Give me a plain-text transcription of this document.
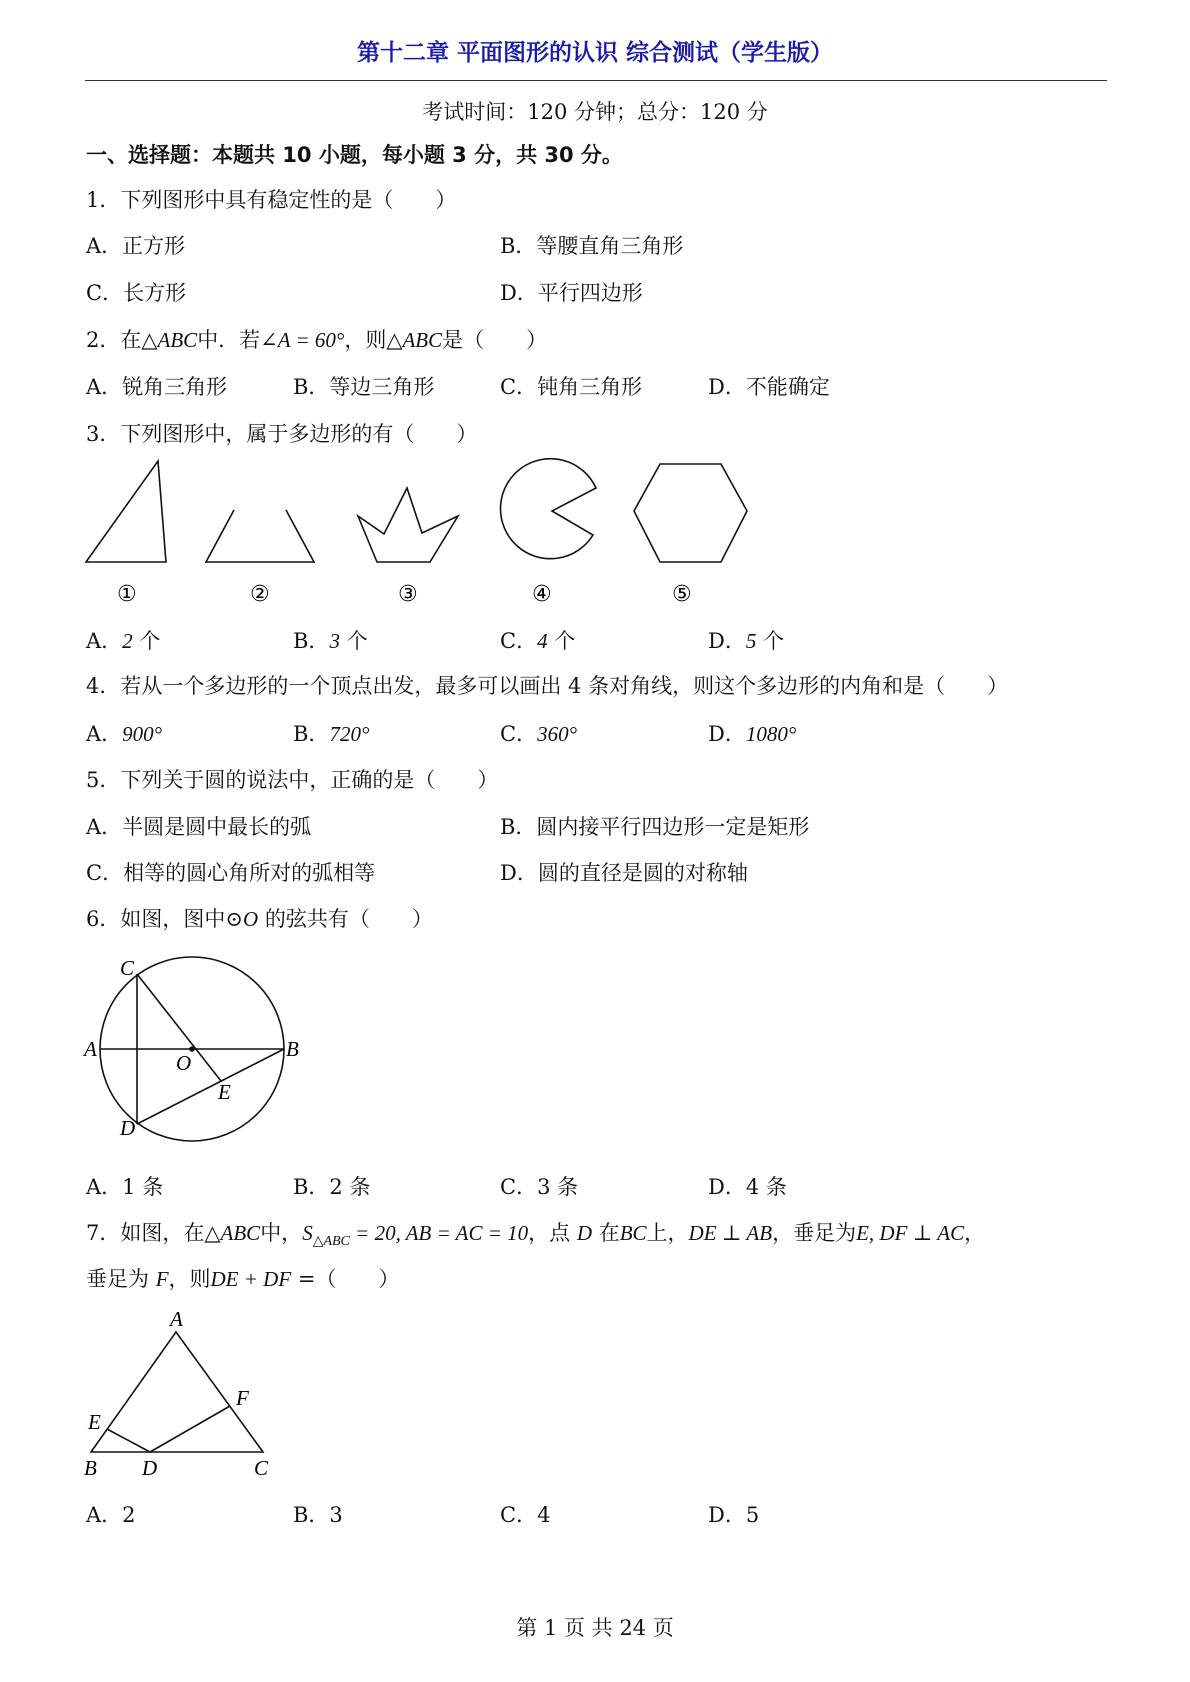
第十二章 平面图形的认识 综合测试（学生版）
考试时间：120 分钟；总分：120 分
一、选择题：本题共 10 小题，每小题 3 分，共 30 分。
1．下列图形中具有稳定性的是（　　）
A．正方形	B．等腰直角三角形
C．长方形	D．平行四边形
2．在△ABC中．若∠A = 60°，则△ABC是（　　）
A．锐角三角形	B．等边三角形	C．钝角三角形	D．不能确定
3．下列图形中，属于多边形的有（　　）
①	②	③	④	⑤
A．2 个	B．3 个	C．4 个	D．5 个
4．若从一个多边形的一个顶点出发，最多可以画出 4 条对角线，则这个多边形的内角和是（　　）
A．900°	B．720°	C．360°	D．1080°
5．下列关于圆的说法中，正确的是（　　）
A．半圆是圆中最长的弧	B．圆内接平行四边形一定是矩形
C．相等的圆心角所对的弧相等	D．圆的直径是圆的对称轴
6．如图，图中⊙O 的弦共有（　　）
C
A
O
B
E
D
A．1 条	B．2 条	C．3 条	D．4 条
7．如图，在△ABC中，$S_{\triangle ABC} = 20$, AB = AC = 10，点 D 在BC上，DE ⊥ AB，垂足为E, DF ⊥ AC，
垂足为 F，则DE + DF =（　　）
A
F
E
B D	C
A．2	B．3	C．4	D．5
第 1 页 共 24 页
